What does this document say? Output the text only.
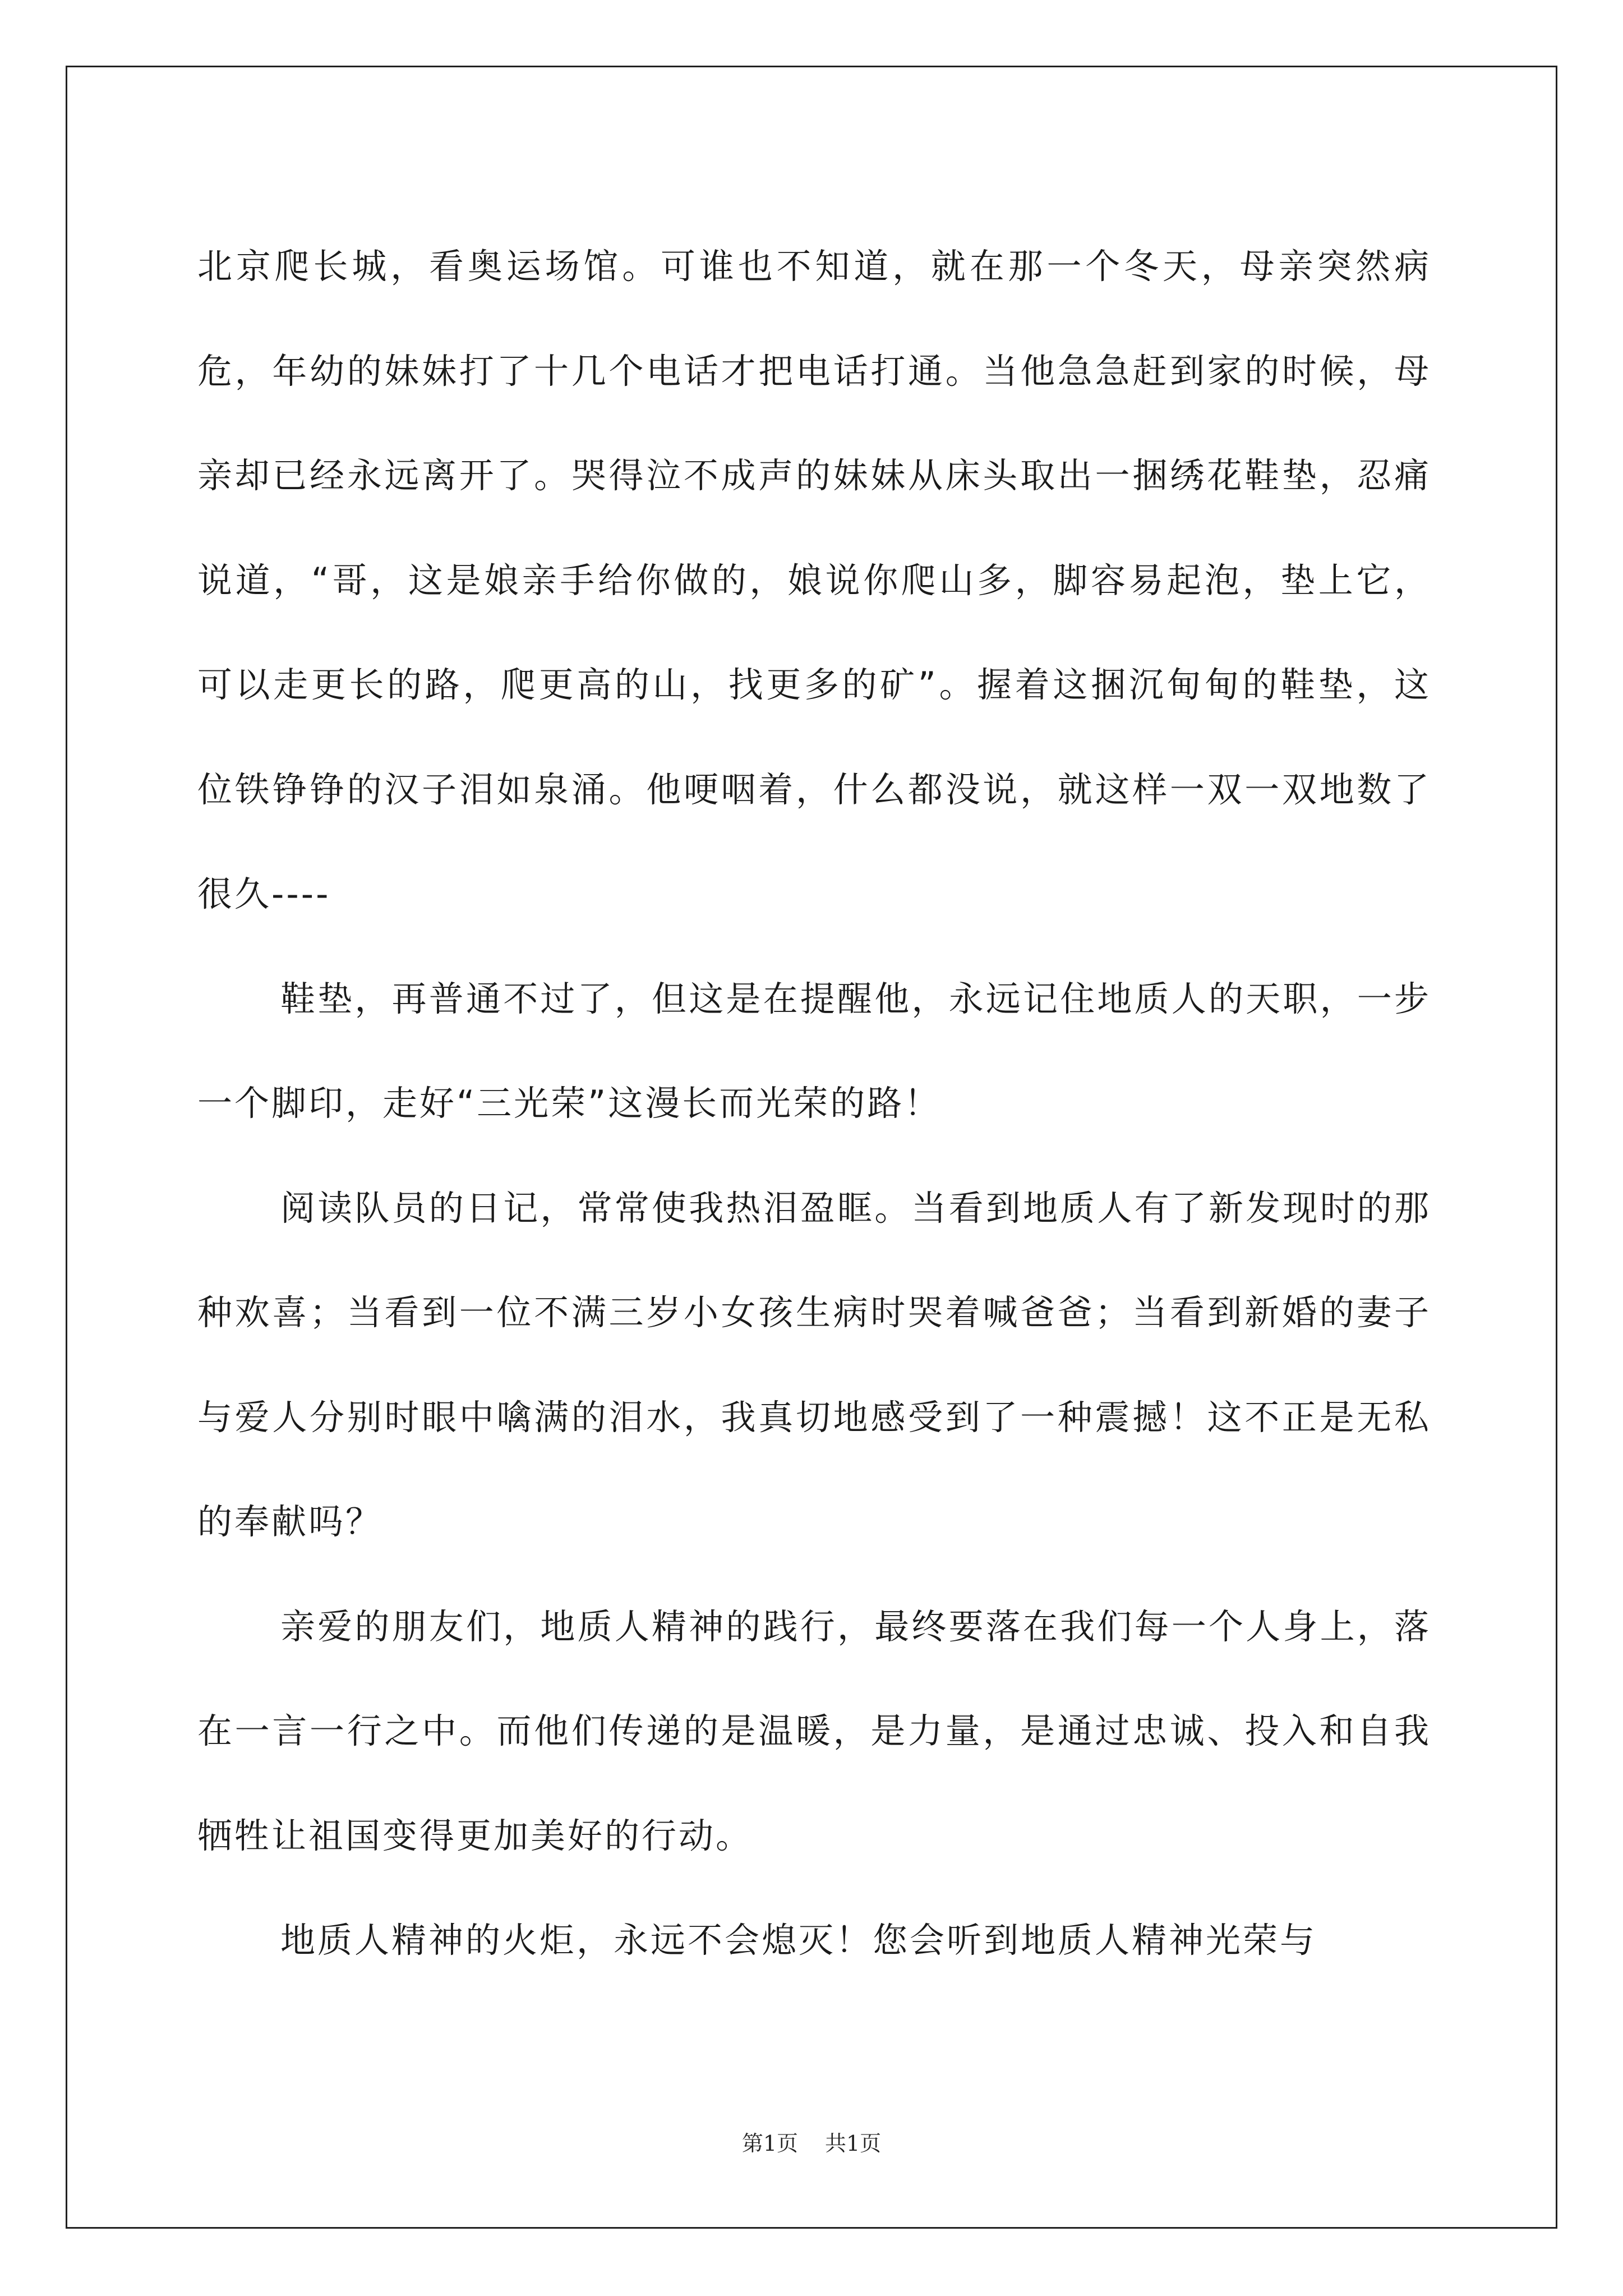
北京爬长城，看奥运场馆。可谁也不知道，就在那一个冬天，母亲突然病危，年幼的妹妹打了十几个电话才把电话打通。当他急急赶到家的时候，母亲却已经永远离开了。哭得泣不成声的妹妹从床头取出一捆绣花鞋垫，忍痛说道，“哥，这是娘亲手给你做的，娘说你爬山多，脚容易起泡，垫上它，可以走更长的路，爬更高的山，找更多的矿”。握着这捆沉甸甸的鞋垫，这位铁铮铮的汉子泪如泉涌。他哽咽着，什么都没说，就这样一双一双地数了很久----

鞋垫，再普通不过了，但这是在提醒他，永远记住地质人的天职，一步一个脚印，走好“三光荣”这漫长而光荣的路！

阅读队员的日记，常常使我热泪盈眶。当看到地质人有了新发现时的那种欢喜；当看到一位不满三岁小女孩生病时哭着喊爸爸；当看到新婚的妻子与爱人分别时眼中噙满的泪水，我真切地感受到了一种震撼！这不正是无私的奉献吗？

亲爱的朋友们，地质人精神的践行，最终要落在我们每一个人身上，落在一言一行之中。而他们传递的是温暖，是力量，是通过忠诚、投入和自我牺牲让祖国变得更加美好的行动。

地质人精神的火炬，永远不会熄灭！您会听到地质人精神光荣与

第1页 共1页
